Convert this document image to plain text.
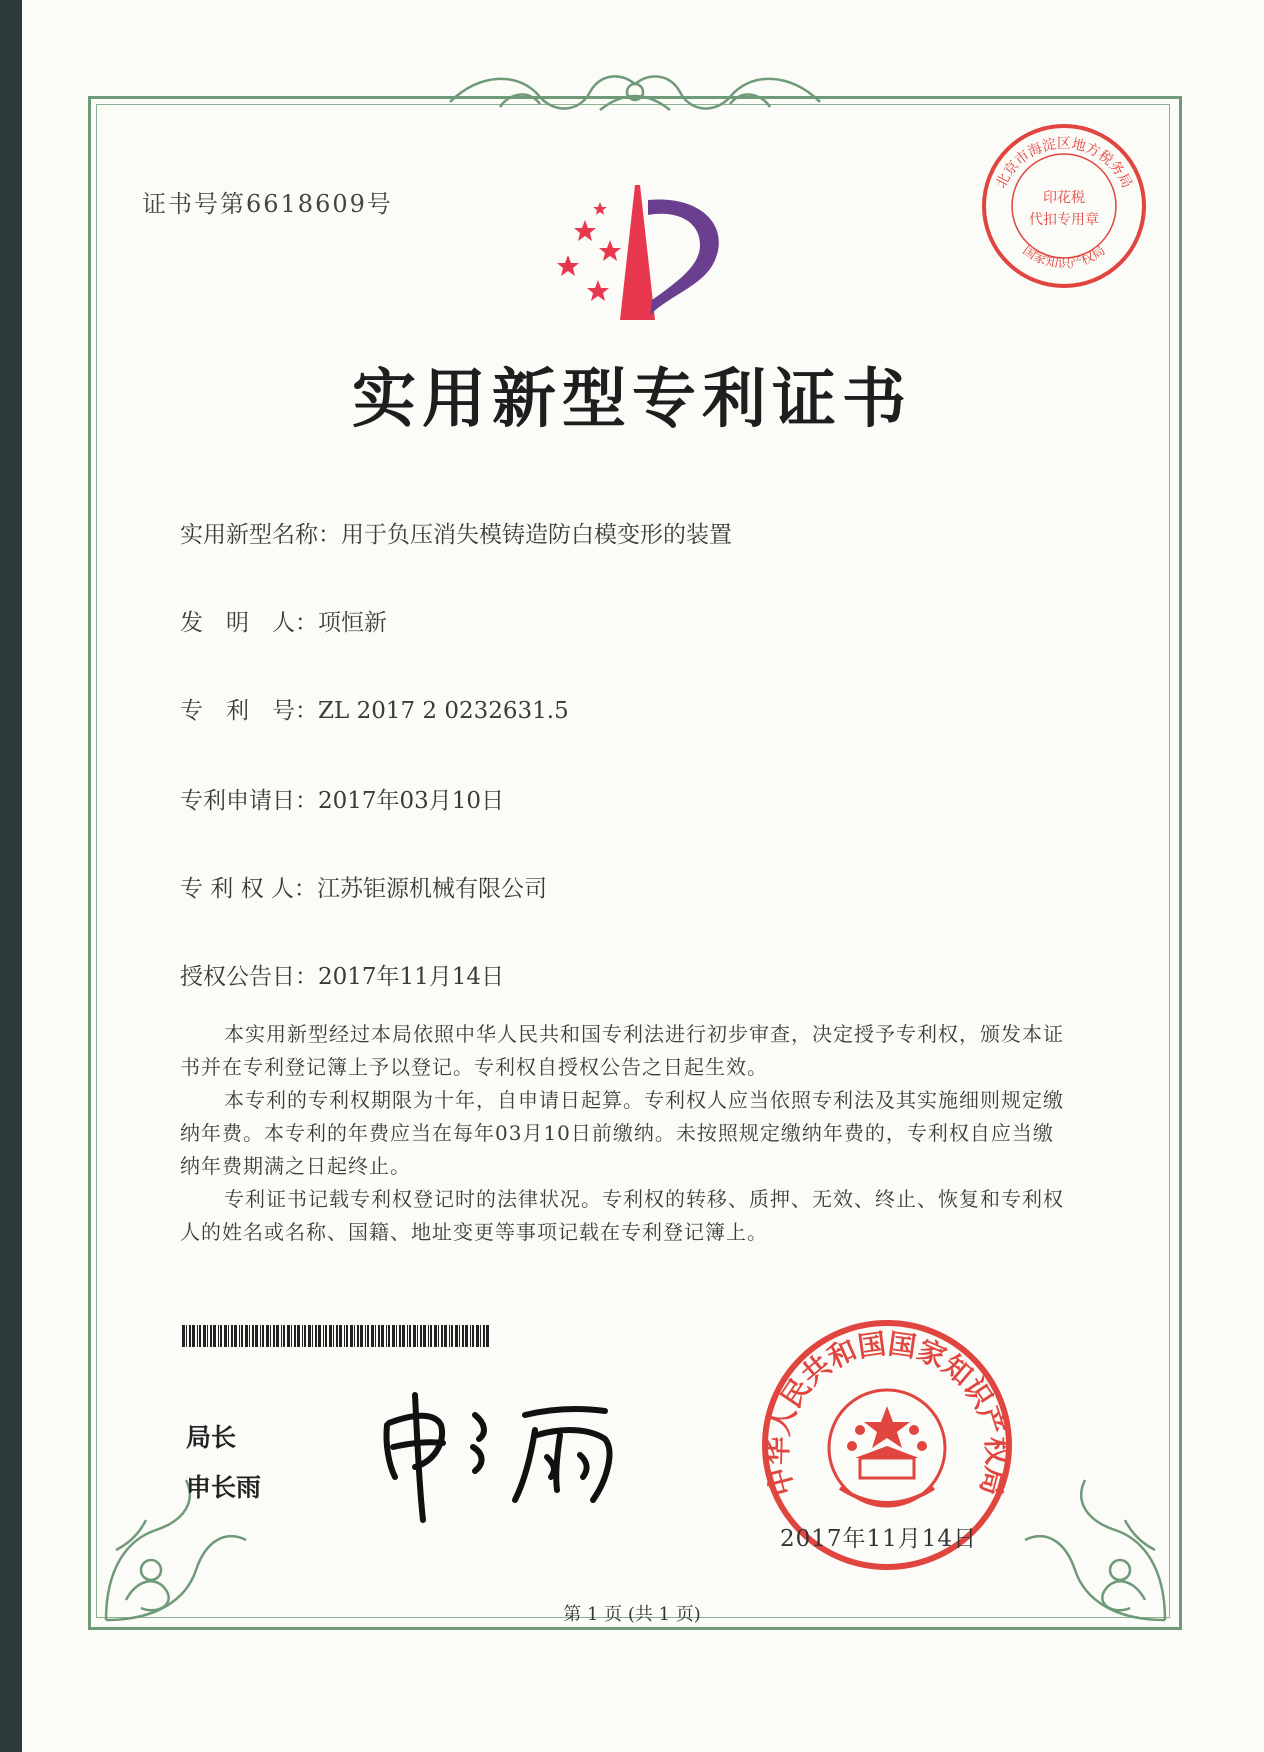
证书号第6618609号
北京市海淀区地方税务局
国家知识产权局
印花税
代扣专用章
实用新型专利证书
实用新型名称：用于负压消失模铸造防白模变形的装置
发　明　人：项恒新
专　利　号：ZL 2017 2 0232631.5
专利申请日：2017年03月10日
专 利 权 人：江苏钜源机械有限公司
授权公告日：2017年11月14日

本实用新型经过本局依照中华人民共和国专利法进行初步审查，决定授予专利权，颁发本证书并在专利登记簿上予以登记。专利权自授权公告之日起生效。

本专利的专利权期限为十年，自申请日起算。专利权人应当依照专利法及其实施细则规定缴纳年费。本专利的年费应当在每年03月10日前缴纳。未按照规定缴纳年费的，专利权自应当缴纳年费期满之日起终止。

专利证书记载专利权登记时的法律状况。专利权的转移、质押、无效、终止、恢复和专利权人的姓名或名称、国籍、地址变更等事项记载在专利登记簿上。

局长
申长雨	中华人民共和国国家知识产权局
2017年11月14日
第 1 页 (共 1 页)
